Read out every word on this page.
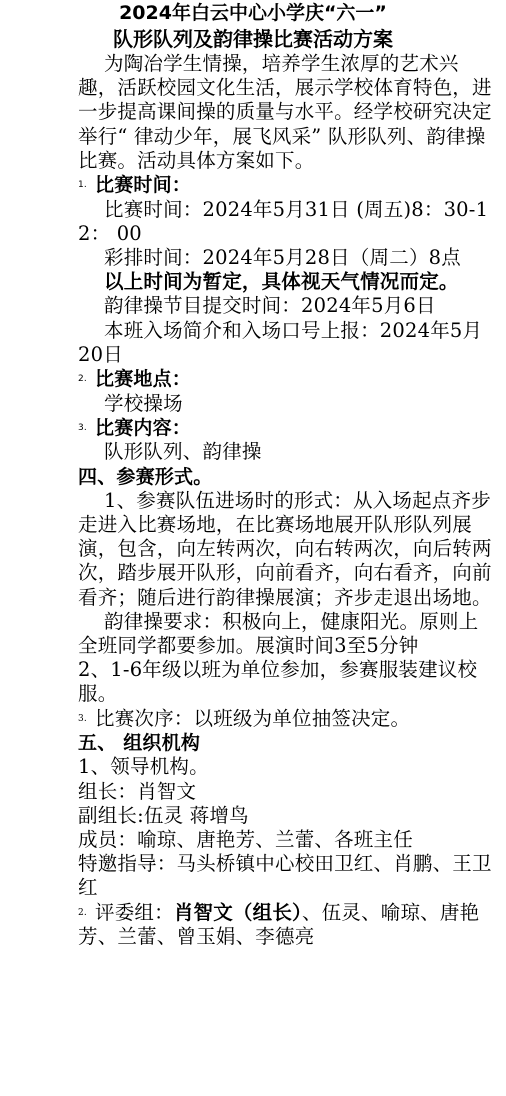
2024年白云中心小学庆“六一”
队形队列及韵律操比赛活动方案

为陶冶学生情操，培养学生浓厚的艺术兴趣，活跃校园文化生活，展示学校体育特色，进一步提高课间操的质量与水平。经学校研究决定举行“ 律动少年，展飞风采” 队形队列、韵律操比赛。活动具体方案如下。

1. 比赛时间：

比赛时间：2024年5月31日 (周五)8：30-12： 00

彩排时间：2024年5月28日（周二）8点

以上时间为暂定，具体视天气情况而定。

韵律操节目提交时间：2024年5月6日

本班入场简介和入场口号上报：2024年5月20日

2. 比赛地点：

学校操场

3. 比赛内容：

队形队列、韵律操

四、参赛形式。

1、参赛队伍进场时的形式：从入场起点齐步走进入比赛场地，在比赛场地展开队形队列展演，包含，向左转两次，向右转两次，向后转两次，踏步展开队形，向前看齐，向右看齐，向前看齐；随后进行韵律操展演；齐步走退出场地。

韵律操要求：积极向上，健康阳光。原则上全班同学都要参加。展演时间3至5分钟

2、1-6年级以班为单位参加，参赛服装建议校服。

3. 比赛次序：以班级为单位抽签决定。

五、 组织机构

1、领导机构。

组长：肖智文

副组长:伍灵 蒋增鸟

成员：喻琼、唐艳芳、兰蕾、各班主任

特邀指导：马头桥镇中心校田卫红、肖鹏、王卫红

2. 评委组：肖智文（组长）、伍灵、喻琼、唐艳芳、兰蕾、曾玉娟、李德亮
